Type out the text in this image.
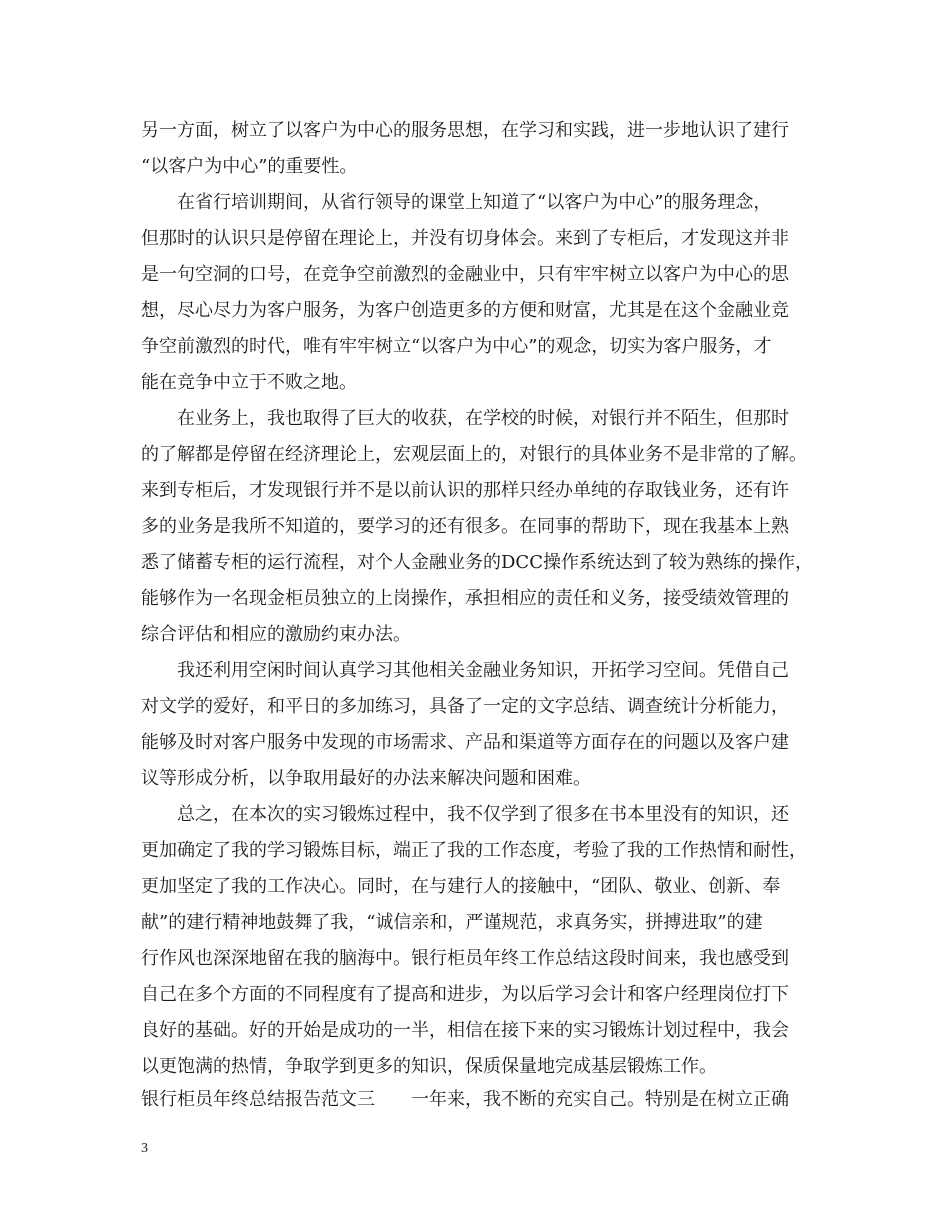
另一方面，树立了以客户为中心的服务思想，在学习和实践，进一步地认识了建行
“以客户为中心”的重要性。
在省行培训期间，从省行领导的课堂上知道了“以客户为中心”的服务理念，
但那时的认识只是停留在理论上，并没有切身体会。来到了专柜后，才发现这并非
是一句空洞的口号，在竞争空前激烈的金融业中，只有牢牢树立以客户为中心的思
想，尽心尽力为客户服务，为客户创造更多的方便和财富，尤其是在这个金融业竞
争空前激烈的时代，唯有牢牢树立“以客户为中心”的观念，切实为客户服务，才
能在竞争中立于不败之地。
在业务上，我也取得了巨大的收获，在学校的时候，对银行并不陌生，但那时
的了解都是停留在经济理论上，宏观层面上的，对银行的具体业务不是非常的了解。
来到专柜后，才发现银行并不是以前认识的那样只经办单纯的存取钱业务，还有许
多的业务是我所不知道的，要学习的还有很多。在同事的帮助下，现在我基本上熟
悉了储蓄专柜的运行流程，对个人金融业务的DCC操作系统达到了较为熟练的操作，
能够作为一名现金柜员独立的上岗操作，承担相应的责任和义务，接受绩效管理的
综合评估和相应的激励约束办法。
我还利用空闲时间认真学习其他相关金融业务知识，开拓学习空间。凭借自己
对文学的爱好，和平日的多加练习，具备了一定的文字总结、调查统计分析能力，
能够及时对客户服务中发现的市场需求、产品和渠道等方面存在的问题以及客户建
议等形成分析，以争取用最好的办法来解决问题和困难。
总之，在本次的实习锻炼过程中，我不仅学到了很多在书本里没有的知识，还
更加确定了我的学习锻炼目标，端正了我的工作态度，考验了我的工作热情和耐性，
更加坚定了我的工作决心。同时，在与建行人的接触中，“团队、敬业、创新、奉
献”的建行精神地鼓舞了我，“诚信亲和，严谨规范，求真务实，拼搏进取”的建
行作风也深深地留在我的脑海中。银行柜员年终工作总结这段时间来，我也感受到
自己在多个方面的不同程度有了提高和进步，为以后学习会计和客户经理岗位打下
良好的基础。好的开始是成功的一半，相信在接下来的实习锻炼计划过程中，我会
以更饱满的热情，争取学到更多的知识，保质保量地完成基层锻炼工作。
银行柜员年终总结报告范文三 一年来，我不断的充实自己。特别是在树立正确
3
